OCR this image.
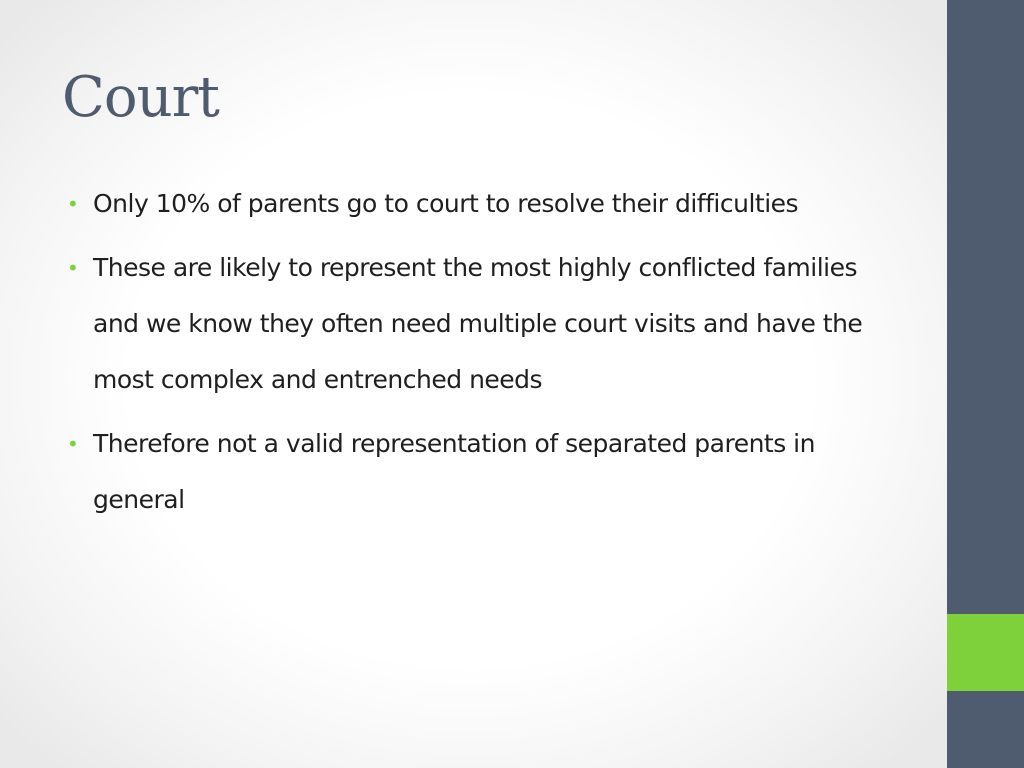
Court
• Only 10% of parents go to court to resolve their difficulties
• These are likely to represent the most highly conflicted families and we know they often need multiple court visits and have the most complex and entrenched needs
• Therefore not a valid representation of separated parents in general
